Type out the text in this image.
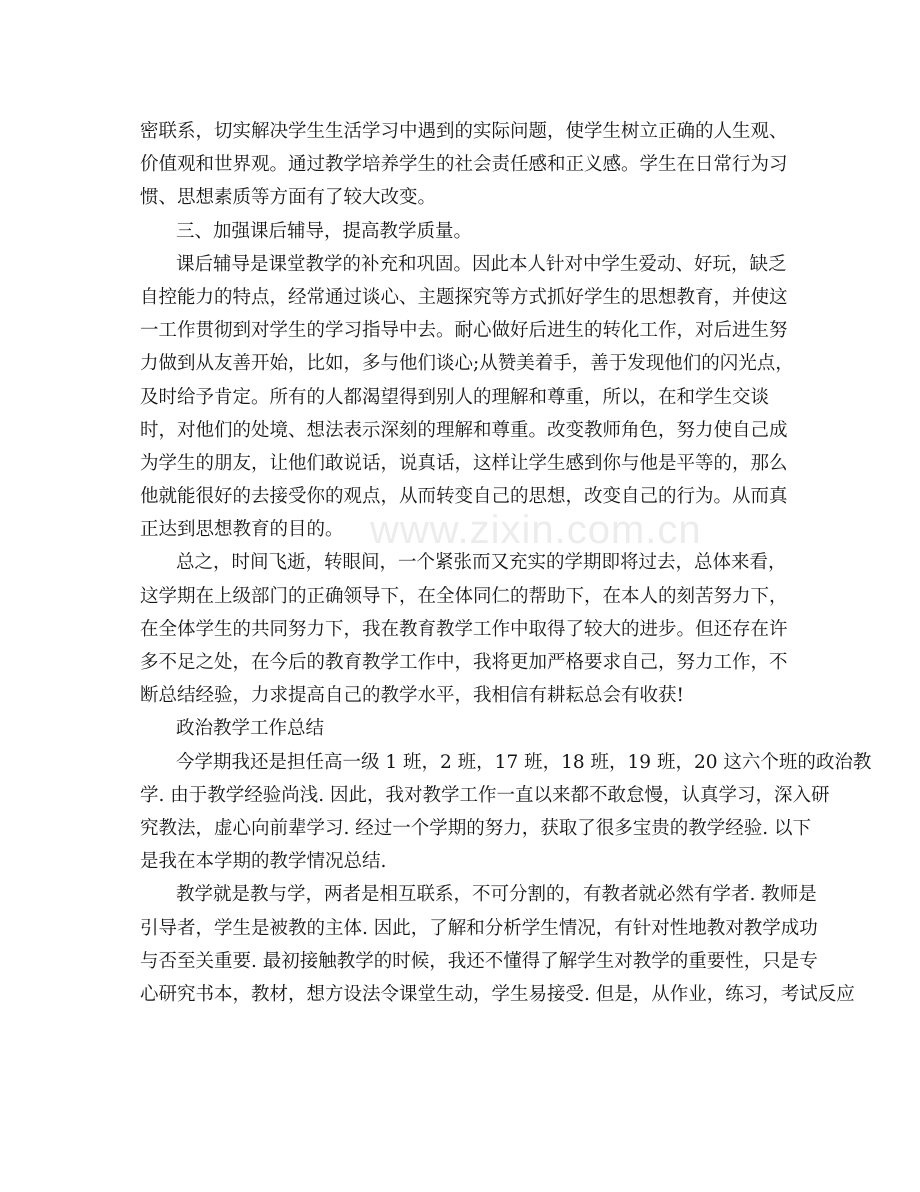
密联系，切实解决学生生活学习中遇到的实际问题，使学生树立正确的人生观、
价值观和世界观。通过教学培养学生的社会责任感和正义感。学生在日常行为习
惯、思想素质等方面有了较大改变。
三、加强课后辅导，提高教学质量。
课后辅导是课堂教学的补充和巩固。因此本人针对中学生爱动、好玩，缺乏
自控能力的特点，经常通过谈心、主题探究等方式抓好学生的思想教育，并使这
一工作贯彻到对学生的学习指导中去。耐心做好后进生的转化工作，对后进生努
力做到从友善开始，比如，多与他们谈心;从赞美着手，善于发现他们的闪光点，
及时给予肯定。所有的人都渴望得到别人的理解和尊重，所以，在和学生交谈
时，对他们的处境、想法表示深刻的理解和尊重。改变教师角色，努力使自己成
为学生的朋友，让他们敢说话，说真话，这样让学生感到你与他是平等的，那么
他就能很好的去接受你的观点，从而转变自己的思想，改变自己的行为。从而真
正达到思想教育的目的。
总之，时间飞逝，转眼间，一个紧张而又充实的学期即将过去，总体来看，
这学期在上级部门的正确领导下，在全体同仁的帮助下，在本人的刻苦努力下，
在全体学生的共同努力下，我在教育教学工作中取得了较大的进步。但还存在许
多不足之处，在今后的教育教学工作中，我将更加严格要求自己，努力工作，不
断总结经验，力求提高自己的教学水平，我相信有耕耘总会有收获!
政治教学工作总结
今学期我还是担任高一级 1 班，2 班，17 班，18 班，19 班，20 这六个班的政治教
学. 由于教学经验尚浅. 因此，我对教学工作一直以来都不敢怠慢，认真学习，深入研
究教法，虚心向前辈学习. 经过一个学期的努力，获取了很多宝贵的教学经验. 以下
是我在本学期的教学情况总结.
教学就是教与学，两者是相互联系，不可分割的，有教者就必然有学者. 教师是
引导者，学生是被教的主体. 因此，了解和分析学生情况，有针对性地教对教学成功
与否至关重要. 最初接触教学的时候，我还不懂得了解学生对教学的重要性，只是专
心研究书本，教材，想方设法令课堂生动，学生易接受. 但是，从作业，练习，考试反应
www.zixin.com.cn
